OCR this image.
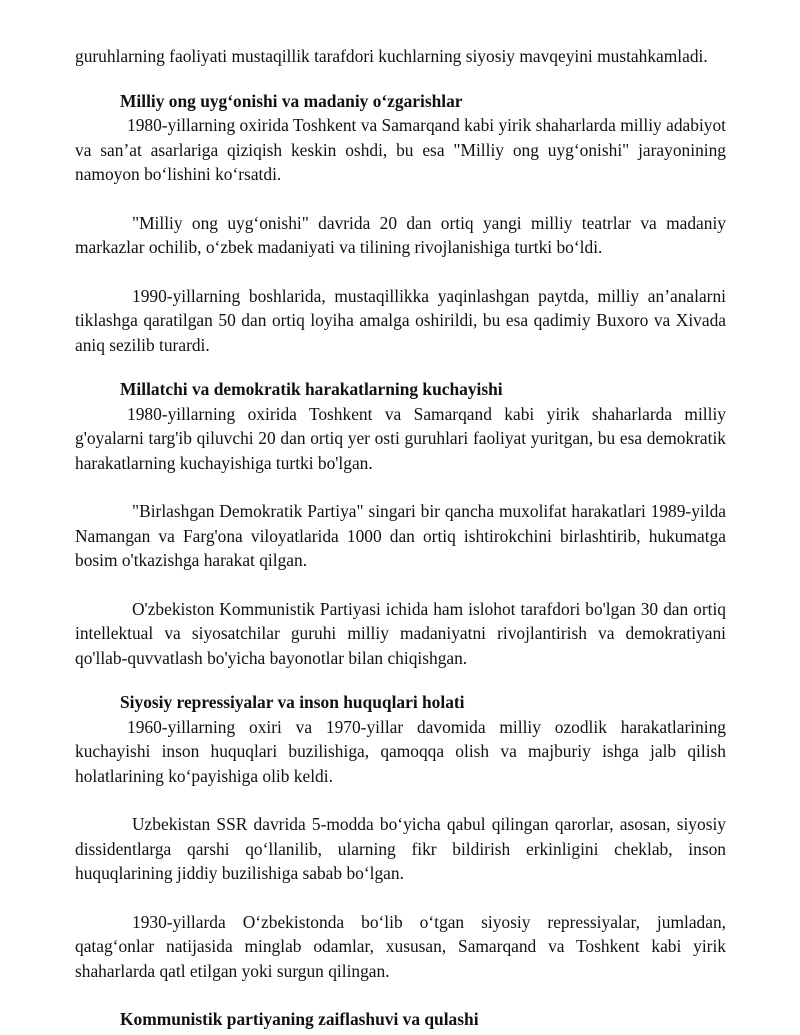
guruhlarning faoliyati mustaqillik tarafdori kuchlarning siyosiy mavqeyini mustahkamladi.

Milliy ong uyg‘onishi va madaniy o‘zgarishlar

1980-yillarning oxirida Toshkent va Samarqand kabi yirik shaharlarda milliy adabiyot va san’at asarlariga qiziqish keskin oshdi, bu esa "Milliy ong uyg‘onishi" jarayonining namoyon bo‘lishini ko‘rsatdi.

"Milliy ong uyg‘onishi" davrida 20 dan ortiq yangi milliy teatrlar va madaniy markazlar ochilib, o‘zbek madaniyati va tilining rivojlanishiga turtki bo‘ldi.

1990-yillarning boshlarida, mustaqillikka yaqinlashgan paytda, milliy an’analarni tiklashga qaratilgan 50 dan ortiq loyiha amalga oshirildi, bu esa qadimiy Buxoro va Xivada aniq sezilib turardi.

Millatchi va demokratik harakatlarning kuchayishi

1980-yillarning oxirida Toshkent va Samarqand kabi yirik shaharlarda milliy g'oyalarni targ'ib qiluvchi 20 dan ortiq yer osti guruhlari faoliyat yuritgan, bu esa demokratik harakatlarning kuchayishiga turtki bo'lgan.

"Birlashgan Demokratik Partiya" singari bir qancha muxolifat harakatlari 1989-yilda Namangan va Farg'ona viloyatlarida 1000 dan ortiq ishtirokchini birlashtirib, hukumatga bosim o'tkazishga harakat qilgan.

O'zbekiston Kommunistik Partiyasi ichida ham islohot tarafdori bo'lgan 30 dan ortiq intellektual va siyosatchilar guruhi milliy madaniyatni rivojlantirish va demokratiyani qo'llab-quvvatlash bo'yicha bayonotlar bilan chiqishgan.

Siyosiy repressiyalar va inson huquqlari holati

1960-yillarning oxiri va 1970-yillar davomida milliy ozodlik harakatlarining kuchayishi inson huquqlari buzilishiga, qamoqqa olish va majburiy ishga jalb qilish holatlarining ko‘payishiga olib keldi.

Uzbekistan SSR davrida 5-modda bo‘yicha qabul qilingan qarorlar, asosan, siyosiy dissidentlarga qarshi qo‘llanilib, ularning fikr bildirish erkinligini cheklab, inson huquqlarining jiddiy buzilishiga sabab bo‘lgan.

1930-yillarda O‘zbekistonda bo‘lib o‘tgan siyosiy repressiyalar, jumladan, qatag‘onlar natijasida minglab odamlar, xususan, Samarqand va Toshkent kabi yirik shaharlarda qatl etilgan yoki surgun qilingan.

Kommunistik partiyaning zaiflashuvi va qulashi
